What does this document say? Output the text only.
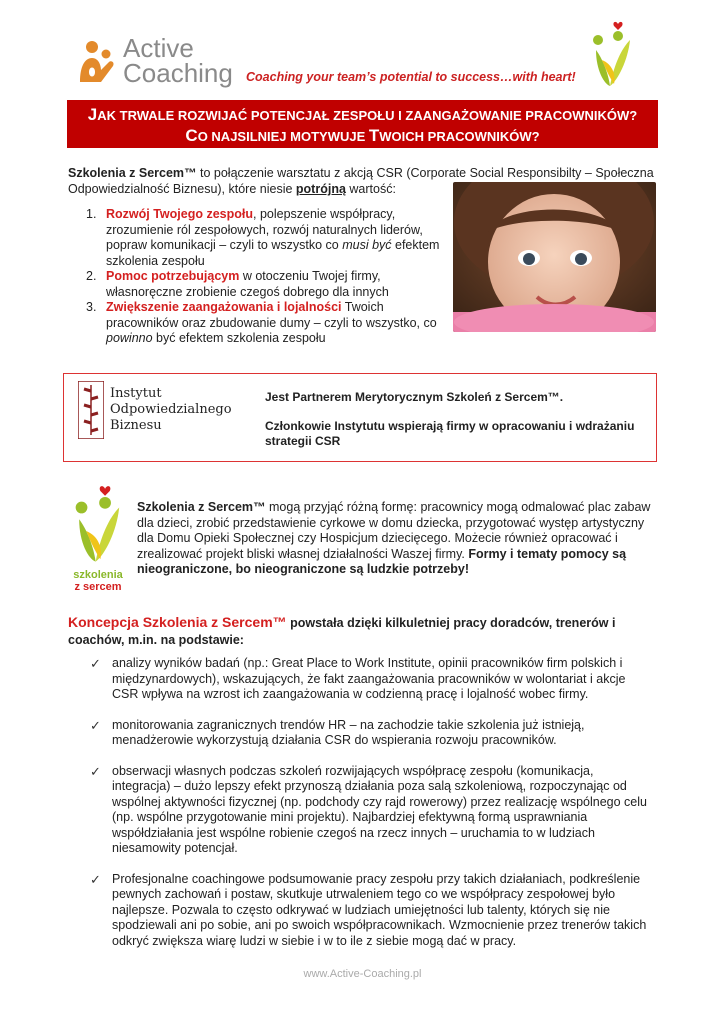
Active
Coaching Coaching your team’s potential to success…with heart!
JAK TRWALE ROZWIJAĆ POTENCJAŁ ZESPOŁU I ZAANGAŻOWANIE PRACOWNIKÓW?
CO NAJSILNIEJ MOTYWUJE TWOICH PRACOWNIKÓW?
Szkolenia z Sercem™ to połączenie warsztatu z akcją CSR (Corporate Social Responsibilty – Społeczna Odpowiedzialność Biznesu), które niesie potrójną wartość:
1. Rozwój Twojego zespołu, polepszenie współpracy, zrozumienie ról zespołowych, rozwój naturalnych liderów, popraw komunikacji – czyli to wszystko co musi być efektem szkolenia zespołu
2. Pomoc potrzebującym w otoczeniu Twojej firmy, własnoręczne zrobienie czegoś dobrego dla innych
3. Zwiększenie zaangażowania i lojalności Twoich pracowników oraz zbudowanie dumy – czyli to wszystko, co powinno być efektem szkolenia zespołu
Instytut
Odpowiedzialnego
Biznesu
Jest Partnerem Merytorycznym Szkoleń z Sercem™.
Członkowie Instytutu wspierają firmy w opracowaniu i wdrażaniu strategii CSR
szkolenia
z sercem
Szkolenia z Sercem™ mogą przyjąć różną formę: pracownicy mogą odmalować plac zabaw dla dzieci, zrobić przedstawienie cyrkowe w domu dziecka, przygotować występ artystyczny dla Domu Opieki Społecznej czy Hospicjum dziecięcego. Możecie również opracować i zrealizować projekt bliski własnej działalności Waszej firmy. Formy i tematy pomocy są nieograniczone, bo nieograniczone są ludzkie potrzeby!
Koncepcja Szkolenia z Sercem™ powstała dzięki kilkuletniej pracy doradców, trenerów i coachów, m.in. na podstawie:
✓ analizy wyników badań (np.: Great Place to Work Institute, opinii pracowników firm polskich i międzynardowych), wskazujących, że fakt zaangażowania pracowników w wolontariat i akcje CSR wpływa na wzrost ich zaangażowania w codzienną pracę i lojalność wobec firmy.
✓ monitorowania zagranicznych trendów HR – na zachodzie takie szkolenia już istnieją, menadżerowie wykorzystują działania CSR do wspierania rozwoju pracowników.
✓ obserwacji własnych podczas szkoleń rozwijających współpracę zespołu (komunikacja, integracja) – dużo lepszy efekt przynoszą działania poza salą szkoleniową, rozpoczynając od wspólnej aktywności fizycznej (np. podchody czy rajd rowerowy) przez realizację wspólnego celu (np. wspólne przygotowanie mini projektu). Najbardziej efektywną formą usprawniania współdziałania jest wspólne robienie czegoś na rzecz innych – uruchamia to w ludziach niesamowity potencjał.
✓ Profesjonalne coachingowe podsumowanie pracy zespołu przy takich działaniach, podkreślenie pewnych zachowań i postaw, skutkuje utrwaleniem tego co we współpracy zespołowej było najlepsze. Pozwala to często odkrywać w ludziach umiejętności lub talenty, których się nie spodziewali ani po sobie, ani po swoich współpracownikach. Wzmocnienie przez trenerów takich odkryć zwiększa wiarę ludzi w siebie i w to ile z siebie mogą dać w pracy.
www.Active-Coaching.pl
